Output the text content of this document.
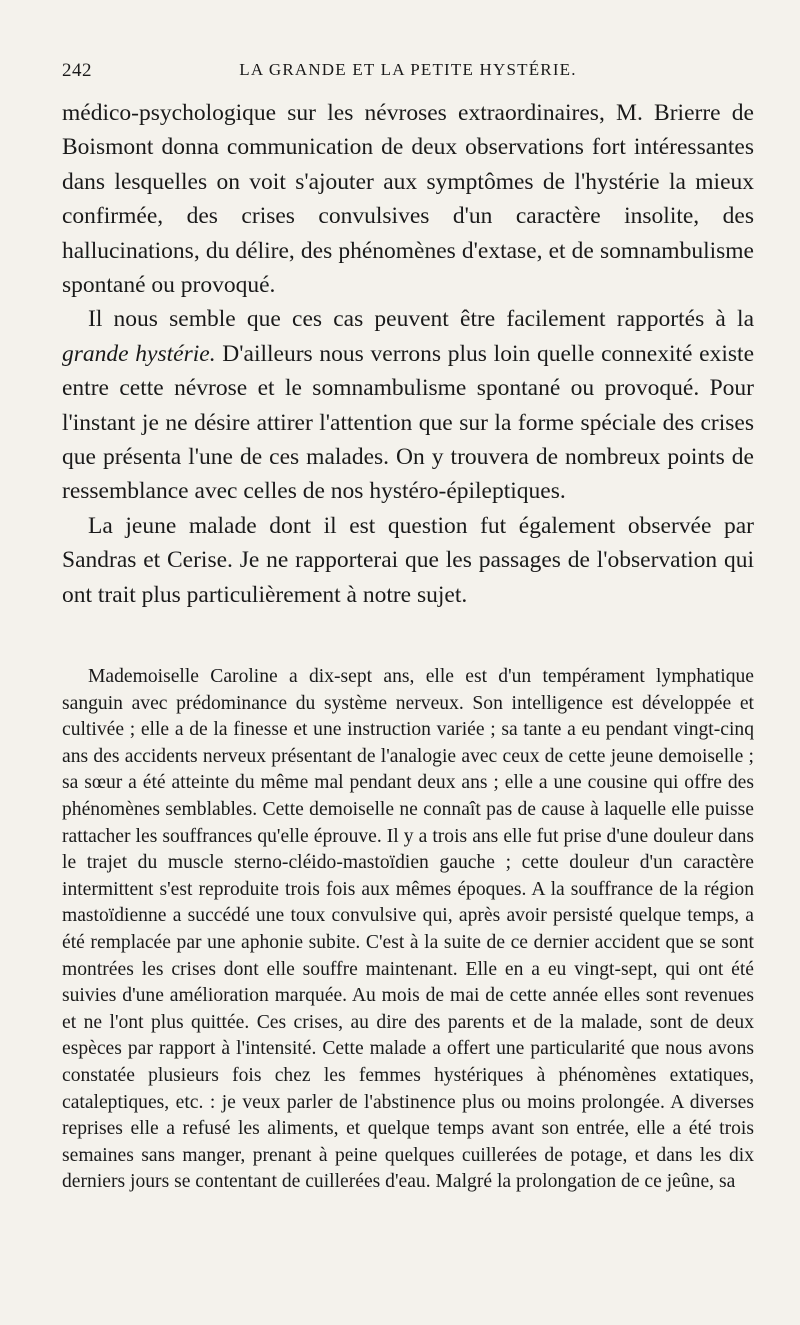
242	LA GRANDE ET LA PETITE HYSTÉRIE.

médico-psychologique sur les névroses extraordinaires, M. Brierre de Boismont donna communication de deux observations fort intéressantes dans lesquelles on voit s'ajouter aux symptômes de l'hystérie la mieux confirmée, des crises convulsives d'un caractère insolite, des hallucinations, du délire, des phénomènes d'extase, et de somnambulisme spontané ou provoqué.

Il nous semble que ces cas peuvent être facilement rapportés à la grande hystérie. D'ailleurs nous verrons plus loin quelle connexité existe entre cette névrose et le somnambulisme spontané ou provoqué. Pour l'instant je ne désire attirer l'attention que sur la forme spéciale des crises que présenta l'une de ces malades. On y trouvera de nombreux points de ressemblance avec celles de nos hystéro-épileptiques.

La jeune malade dont il est question fut également observée par Sandras et Cerise. Je ne rapporterai que les passages de l'observation qui ont trait plus particulièrement à notre sujet.

Mademoiselle Caroline a dix-sept ans, elle est d'un tempérament lymphatique sanguin avec prédominance du système nerveux. Son intelligence est développée et cultivée ; elle a de la finesse et une instruction variée ; sa tante a eu pendant vingt-cinq ans des accidents nerveux présentant de l'analogie avec ceux de cette jeune demoiselle ; sa sœur a été atteinte du même mal pendant deux ans ; elle a une cousine qui offre des phénomènes semblables. Cette demoiselle ne connaît pas de cause à laquelle elle puisse rattacher les souffrances qu'elle éprouve. Il y a trois ans elle fut prise d'une douleur dans le trajet du muscle sterno-cléido-mastoïdien gauche ; cette douleur d'un caractère intermittent s'est reproduite trois fois aux mêmes époques. A la souffrance de la région mastoïdienne a succédé une toux convulsive qui, après avoir persisté quelque temps, a été remplacée par une aphonie subite. C'est à la suite de ce dernier accident que se sont montrées les crises dont elle souffre maintenant. Elle en a eu vingt-sept, qui ont été suivies d'une amélioration marquée. Au mois de mai de cette année elles sont revenues et ne l'ont plus quittée. Ces crises, au dire des parents et de la malade, sont de deux espèces par rapport à l'intensité. Cette malade a offert une particularité que nous avons constatée plusieurs fois chez les femmes hystériques à phénomènes extatiques, cataleptiques, etc. : je veux parler de l'abstinence plus ou moins prolongée. A diverses reprises elle a refusé les aliments, et quelque temps avant son entrée, elle a été trois semaines sans manger, prenant à peine quelques cuillerées de potage, et dans les dix derniers jours se contentant de cuillerées d'eau. Malgré la prolongation de ce jeûne, sa
